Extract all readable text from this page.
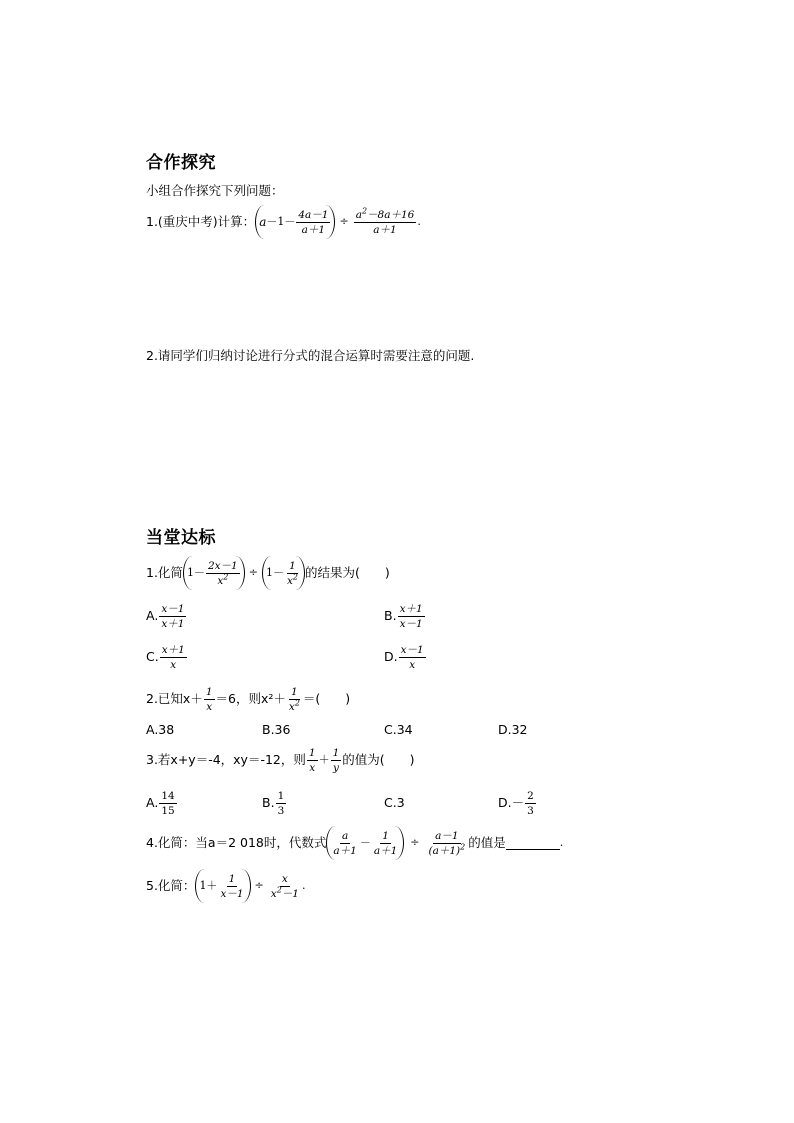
合作探究
小组合作探究下列问题：
1.(重庆中考)计算： $a -1- \frac{4a-1}{a+1} \div \frac{a^2-8a+16}{a+1}$ .
2.请同学们归纳讨论进行分式的混合运算时需要注意的问题.
当堂达标
1.化简 $1- \frac{2x-1}{x^2} \div 1- \frac{1}{x^2}$ 的结果为(　　)
A. $\frac{x-1}{x+1}$	B. $\frac{x+1}{x-1}$
C. $\frac{x+1}{x}$	D. $\frac{x-1}{x}$
2.已知$x+ \frac{1}{x} =6$，则$x^2+ \frac{1}{x^2}$ ＝(　　)
A.38	B.36	C.34	D.32
3.若x+y＝-4，xy＝-12，则 $\frac{1}{x} + \frac{1}{y}$ 的值为(　　)
A. $\frac{14}{15}$	B. $\frac{1}{3}$	C.3	$D.- \frac{2}{3}$
4.化简：当a＝2 018时，代数式 $\frac{a}{a+1} - \frac{1}{a+1} \div \frac{a-1}{(a+1)^2}$ 的值是	.
5.化简： $1+ \frac{1}{x-1} \div \frac{x}{x^2-1}$ .
